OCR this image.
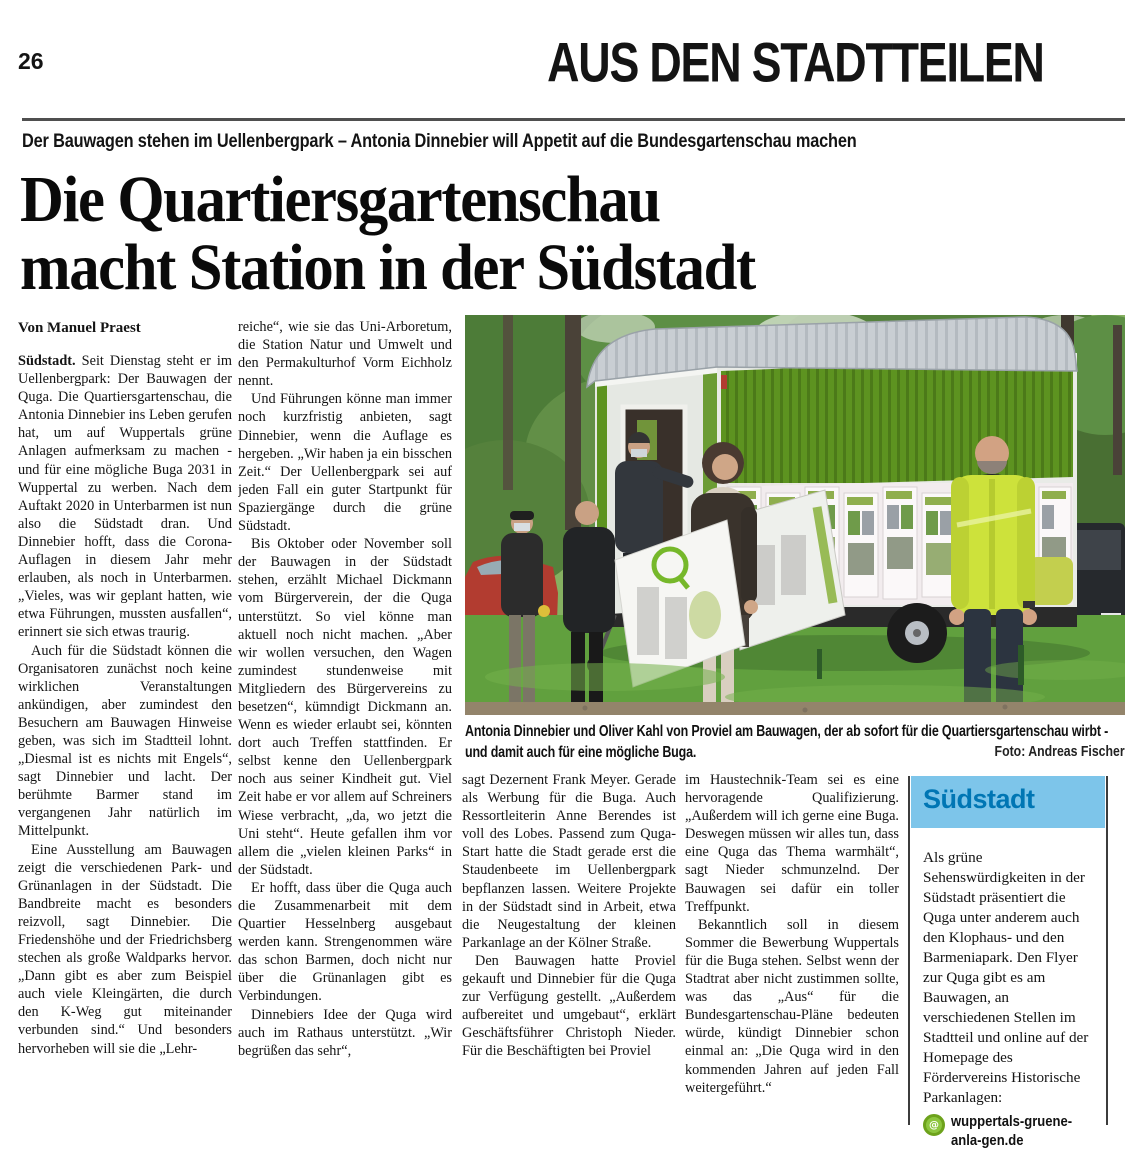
26	AUS DEN STADTTEILEN
Der Bauwagen stehen im Uellenbergpark – Antonia Dinnebier will Appetit auf die Bundesgartenschau machen
Die Quartiersgartenschau
macht Station in der Südstadt
Von Manuel Praest

Südstadt. Seit Dienstag steht er im Uellenbergpark: Der Bauwagen der Quga. Die Quartiersgartenschau, die Antonia Dinnebier ins Leben gerufen hat, um auf Wuppertals grüne Anlagen aufmerksam zu machen - und für eine mögliche Buga 2031 in Wuppertal zu werben. Nach dem Auftakt 2020 in Unterbarmen ist nun also die Südstadt dran. Und Dinnebier hofft, dass die Corona-Auflagen in diesem Jahr mehr erlauben, als noch in Unterbarmen. „Vieles, was wir geplant hatten, wie etwa Führungen, mussten ausfallen“, erinnert sie sich etwas traurig.

Auch für die Südstadt können die Organisatoren zunächst noch keine wirklichen Veranstaltungen ankündigen, aber zumindest den Besuchern am Bauwagen Hinweise geben, was sich im Stadtteil lohnt. „Diesmal ist es nichts mit Engels“, sagt Dinnebier und lacht. Der berühmte Barmer stand im vergangenen Jahr natürlich im Mittelpunkt.

Eine Ausstellung am Bauwagen zeigt die verschiedenen Park- und Grünanlagen in der Südstadt. Die Bandbreite macht es besonders reizvoll, sagt Dinnebier. Die Friedenshöhe und der Friedrichsberg stechen als große Waldparks hervor. „Dann gibt es aber zum Beispiel auch viele Kleingärten, die durch den K-Weg gut miteinander verbunden sind.“ Und besonders hervorheben will sie die „Lehr-

reiche“, wie sie das Uni-Arboretum, die Station Natur und Umwelt und den Permakulturhof Vorm Eichholz nennt.

Und Führungen könne man immer noch kurzfristig anbieten, sagt Dinnebier, wenn die Auflage es hergeben. „Wir haben ja ein bisschen Zeit.“ Der Uellenbergpark sei auf jeden Fall ein guter Startpunkt für Spaziergänge durch die grüne Südstadt.

Bis Oktober oder November soll der Bauwagen in der Südstadt stehen, erzählt Michael Dickmann vom Bürgerverein, der die Quga unterstützt. So viel könne man aktuell noch nicht machen. „Aber wir wollen versuchen, den Wagen zumindest stundenweise mit Mitgliedern des Bürgervereins zu besetzen“, kümndigt Dickmann an. Wenn es wieder erlaubt sei, könnten dort auch Treffen stattfinden. Er selbst kenne den Uellenbergpark noch aus seiner Kindheit gut. Viel Zeit habe er vor allem auf Schreiners Wiese verbracht, „da, wo jetzt die Uni steht“. Heute gefallen ihm vor allem die „vielen kleinen Parks“ in der Südstadt.

Er hofft, dass über die Quga auch die Zusammenarbeit mit dem Quartier Hesselnberg ausgebaut werden kann. Strengenommen wäre das schon Barmen, doch nicht nur über die Grünanlagen gibt es Verbindungen.

Dinnebiers Idee der Quga wird auch im Rathaus unterstützt. „Wir begrüßen das sehr“,

sagt Dezernent Frank Meyer. Gerade als Werbung für die Buga. Auch Ressortleiterin Anne Berendes ist voll des Lobes. Passend zum Quga-Start hatte die Stadt gerade erst die Staudenbeete im Uellenbergpark bepflanzen lassen. Weitere Projekte in der Südstadt sind in Arbeit, etwa die Neugestaltung der kleinen Parkanlage an der Kölner Straße.

Den Bauwagen hatte Proviel gekauft und Dinnebier für die Quga zur Verfügung gestellt. „Außerdem aufbereitet und umgebaut“, erklärt Geschäftsführer Christoph Nieder. Für die Beschäftigten bei Proviel

im Haustechnik-Team sei es eine hervoragende Qualifizierung. „Außerdem will ich gerne eine Buga. Deswegen müssen wir alles tun, dass eine Quga das Thema warmhält“, sagt Nieder schmunzelnd. Der Bauwagen sei dafür ein toller Treffpunkt.

Bekanntlich soll in diesem Sommer die Bewerbung Wuppertals für die Buga stehen. Selbst wenn der Stadtrat aber nicht zustimmen sollte, was das „Aus“ für die Bundesgartenschau-Pläne bedeuten würde, kündigt Dinnebier schon einmal an: „Die Quga wird in den kommenden Jahren auf jeden Fall weitergeführt.“

Antonia Dinnebier und Oliver Kahl von Proviel am Bauwagen, der ab sofort für die Quartiersgartenschau wirbt - und damit auch für eine mögliche Buga.	Foto: Andreas Fischer
Südstadt
Als grüne Sehenswürdigkeiten in der Südstadt präsentiert die Quga unter anderem auch den Klophaus- und den Barmeniapark. Den Flyer zur Quga gibt es am Bauwagen, an verschiedenen Stellen im Stadtteil und online auf der Homepage des Fördervereins Historische Parkanlagen:
@ wuppertals-gruene-anla-gen.de
